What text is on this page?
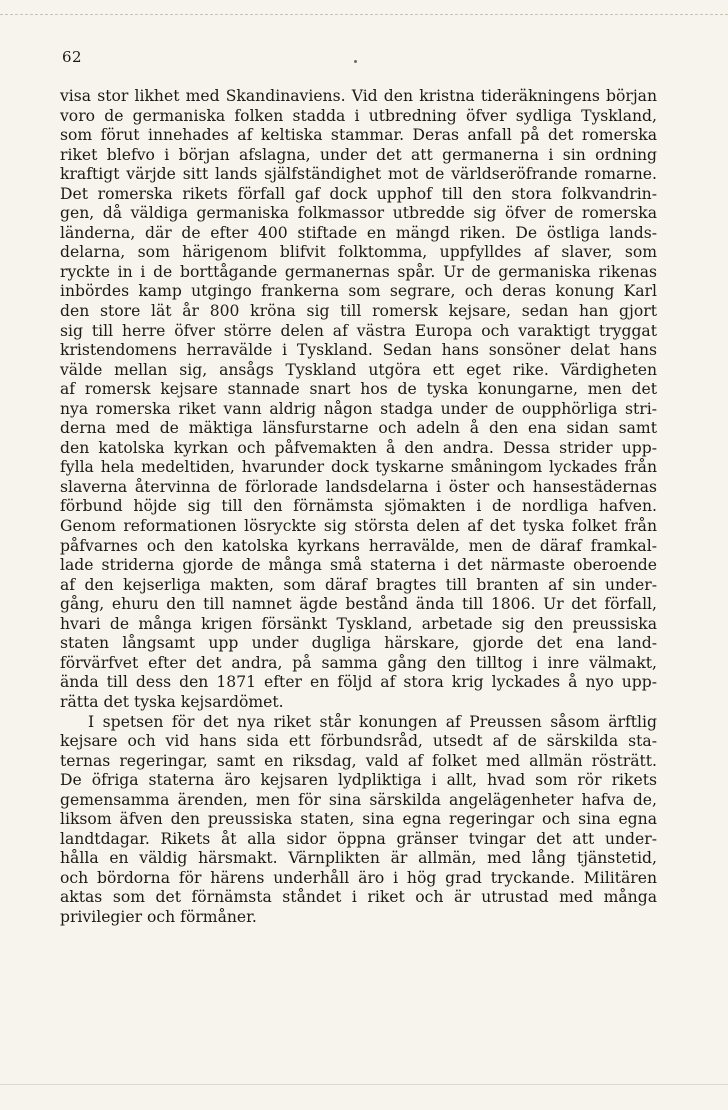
62
visa stor likhet med Skandinaviens. Vid den kristna tideräkningens början
voro de germaniska folken stadda i utbredning öfver sydliga Tyskland,
som förut innehades af keltiska stammar. Deras anfall på det romerska
riket blefvo i början afslagna, under det att germanerna i sin ordning
kraftigt värjde sitt lands själfständighet mot de världseröfrande romarne.
Det romerska rikets förfall gaf dock upphof till den stora folkvandrin-
gen, då väldiga germaniska folkmassor utbredde sig öfver de romerska
länderna, där de efter 400 stiftade en mängd riken. De östliga lands-
delarna, som härigenom blifvit folktomma, uppfylldes af slaver, som
ryckte in i de borttågande germanernas spår. Ur de germaniska rikenas
inbördes kamp utgingo frankerna som segrare, och deras konung Karl
den store lät år 800 kröna sig till romersk kejsare, sedan han gjort
sig till herre öfver större delen af västra Europa och varaktigt tryggat
kristendomens herravälde i Tyskland. Sedan hans sonsöner delat hans
välde mellan sig, ansågs Tyskland utgöra ett eget rike. Värdigheten
af romersk kejsare stannade snart hos de tyska konungarne, men det
nya romerska riket vann aldrig någon stadga under de oupphörliga stri-
derna med de mäktiga länsfurstarne och adeln å den ena sidan samt
den katolska kyrkan och påfvemakten å den andra. Dessa strider upp-
fylla hela medeltiden, hvarunder dock tyskarne småningom lyckades från
slaverna återvinna de förlorade landsdelarna i öster och hansestädernas
förbund höjde sig till den förnämsta sjömakten i de nordliga hafven.
Genom reformationen lösryckte sig största delen af det tyska folket från
påfvarnes och den katolska kyrkans herravälde, men de däraf framkal-
lade striderna gjorde de många små staterna i det närmaste oberoende
af den kejserliga makten, som däraf bragtes till branten af sin under-
gång, ehuru den till namnet ägde bestånd ända till 1806. Ur det förfall,
hvari de många krigen försänkt Tyskland, arbetade sig den preussiska
staten långsamt upp under dugliga härskare, gjorde det ena land-
förvärfvet efter det andra, på samma gång den tilltog i inre välmakt,
ända till dess den 1871 efter en följd af stora krig lyckades å nyo upp-
rätta det tyska kejsardömet.
I spetsen för det nya riket står konungen af Preussen såsom ärftlig
kejsare och vid hans sida ett förbundsråd, utsedt af de särskilda sta-
ternas regeringar, samt en riksdag, vald af folket med allmän rösträtt.
De öfriga staterna äro kejsaren lydpliktiga i allt, hvad som rör rikets
gemensamma ärenden, men för sina särskilda angelägenheter hafva de,
liksom äfven den preussiska staten, sina egna regeringar och sina egna
landtdagar. Rikets åt alla sidor öppna gränser tvingar det att under-
hålla en väldig härsmakt. Värnplikten är allmän, med lång tjänstetid,
och bördorna för härens underhåll äro i hög grad tryckande. Militären
aktas som det förnämsta ståndet i riket och är utrustad med många
privilegier och förmåner.
